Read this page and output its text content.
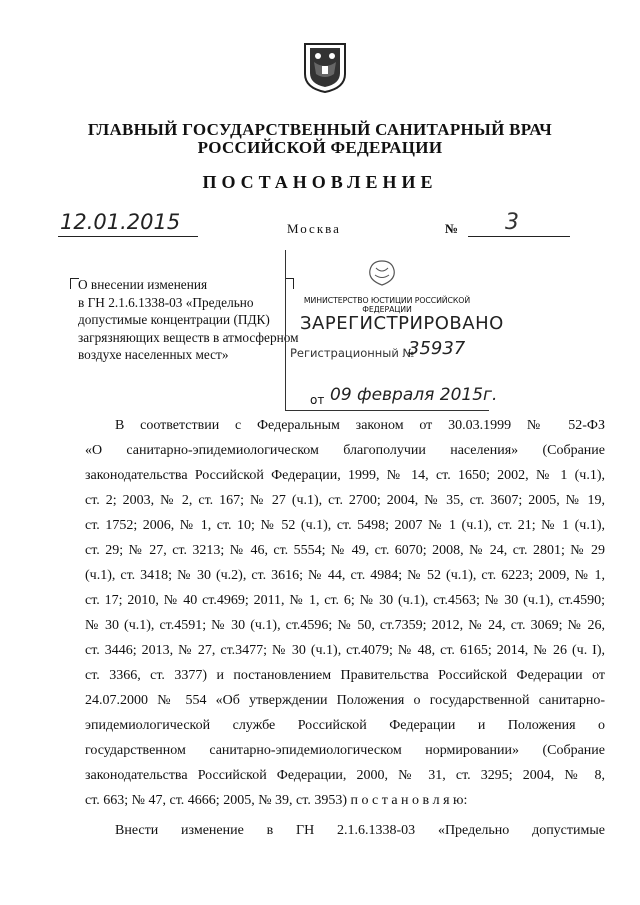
ГЛАВНЫЙ ГОСУДАРСТВЕННЫЙ САНИТАРНЫЙ ВРАЧ
РОССИЙСКОЙ ФЕДЕРАЦИИ
ПОСТАНОВЛЕНИЕ
12.01.2015	Москва	№ 3
О внесении изменения
в ГН 2.1.6.1338-03 «Предельно
допустимые концентрации (ПДК)
загрязняющих веществ в атмосферном
воздухе населенных мест»
МИНИСТЕРСТВО ЮСТИЦИИ РОССИЙСКОЙ ФЕДЕРАЦИИ
ЗАРЕГИСТРИРОВАНО
Регистрационный №
35937
от 09 февраля 2015г.
В соответствии с Федеральным законом от 30.03.1999 № 52-ФЗ
«О санитарно-эпидемиологическом благополучии населения» (Собрание
законодательства Российской Федерации, 1999, № 14, ст. 1650; 2002, № 1 (ч.1),
ст. 2; 2003, № 2, ст. 167; № 27 (ч.1), ст. 2700; 2004, № 35, ст. 3607; 2005, № 19,
ст. 1752; 2006, № 1, ст. 10; № 52 (ч.1), ст. 5498; 2007 № 1 (ч.1), ст. 21; № 1 (ч.1),
ст. 29; № 27, ст. 3213; № 46, ст. 5554; № 49, ст. 6070; 2008, № 24, ст. 2801; № 29
(ч.1), ст. 3418; № 30 (ч.2), ст. 3616; № 44, ст. 4984; № 52 (ч.1), ст. 6223; 2009, № 1,
ст. 17; 2010, № 40 ст.4969; 2011, № 1, ст. 6; № 30 (ч.1), ст.4563; № 30 (ч.1), ст.4590;
№ 30 (ч.1), ст.4591; № 30 (ч.1), ст.4596; № 50, ст.7359; 2012, № 24, ст. 3069; № 26,
ст. 3446; 2013, № 27, ст.3477; № 30 (ч.1), ст.4079; № 48, ст. 6165; 2014, № 26 (ч. I),
ст. 3366, ст. 3377) и постановлением Правительства Российской Федерации от
24.07.2000 № 554 «Об утверждении Положения о государственной санитарно-
эпидемиологической службе Российской Федерации и Положения о
государственном санитарно-эпидемиологическом нормировании» (Собрание
законодательства Российской Федерации, 2000, № 31, ст. 3295; 2004, № 8,
ст. 663; № 47, ст. 4666; 2005, № 39, ст. 3953) п о с т а н о в л я ю:
Внести изменение в ГН 2.1.6.1338-03 «Предельно допустимые
